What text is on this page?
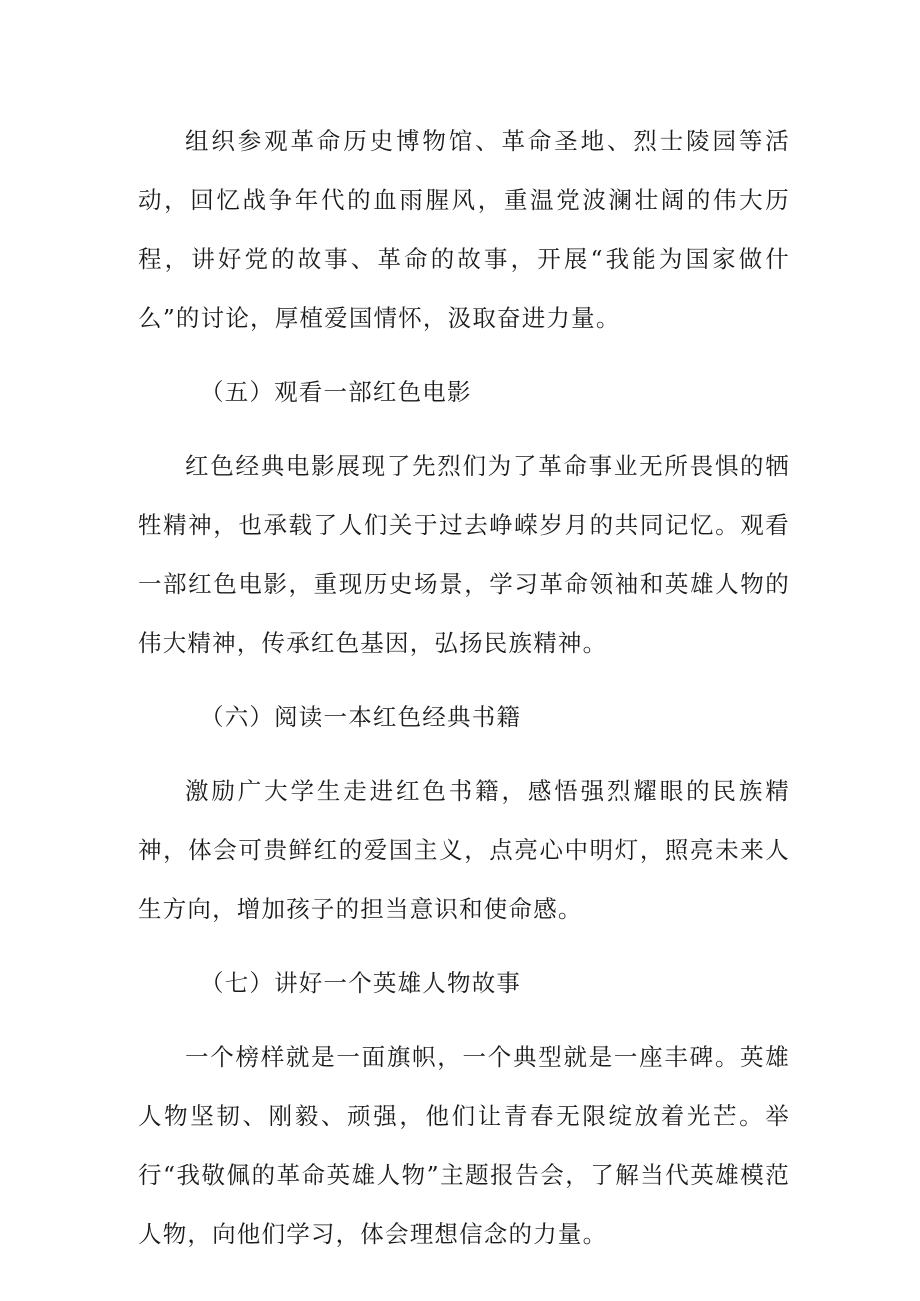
组织参观革命历史博物馆、革命圣地、烈士陵园等活动，回忆战争年代的血雨腥风，重温党波澜壮阔的伟大历程，讲好党的故事、革命的故事，开展“我能为国家做什么”的讨论，厚植爱国情怀，汲取奋进力量。

（五）观看一部红色电影

红色经典电影展现了先烈们为了革命事业无所畏惧的牺牲精神，也承载了人们关于过去峥嵘岁月的共同记忆。观看一部红色电影，重现历史场景，学习革命领袖和英雄人物的伟大精神，传承红色基因，弘扬民族精神。

（六）阅读一本红色经典书籍

激励广大学生走进红色书籍，感悟强烈耀眼的民族精神，体会可贵鲜红的爱国主义，点亮心中明灯，照亮未来人生方向，增加孩子的担当意识和使命感。

（七）讲好一个英雄人物故事

一个榜样就是一面旗帜，一个典型就是一座丰碑。英雄人物坚韧、刚毅、顽强，他们让青春无限绽放着光芒。举行“我敬佩的革命英雄人物”主题报告会，了解当代英雄模范人物，向他们学习，体会理想信念的力量。
